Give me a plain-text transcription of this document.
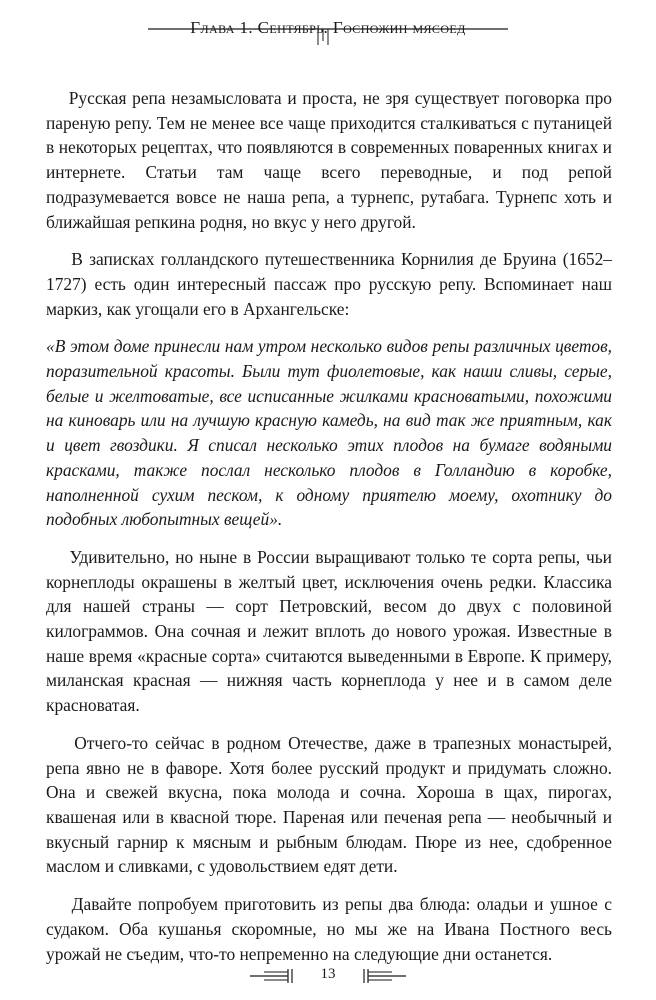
Глава 1. Сентябрь. Госпожин мясоед

Русская репа незамысловата и проста, не зря существует поговорка про пареную репу. Тем не менее все чаще приходится сталкиваться с путаницей в некоторых рецептах, что появляются в современных поваренных книгах и интернете. Статьи там чаще всего переводные, и под репой подразумевается вовсе не наша репа, а турнепс, рутабага. Турнепс хоть и ближайшая репкина родня, но вкус у него другой.

В записках голландского путешественника Корнилия де Бруина (1652–1727) есть один интересный пассаж про русскую репу. Вспоминает наш маркиз, как угощали его в Архангельске:

«В этом доме принесли нам утром несколько видов репы различных цветов, поразительной красоты. Были тут фиолетовые, как наши сливы, серые, белые и желтоватые, все исписанные жилками красноватыми, похожими на киноварь или на лучшую красную камедь, на вид так же приятным, как и цвет гвоздики. Я списал несколько этих плодов на бумаге водяными красками, также послал несколько плодов в Голландию в коробке, наполненной сухим песком, к одному приятелю моему, охотнику до подобных любопытных вещей».

Удивительно, но ныне в России выращивают только те сорта репы, чьи корнеплоды окрашены в желтый цвет, исключения очень редки. Классика для нашей страны — сорт Петровский, весом до двух с половиной килограммов. Она сочная и лежит вплоть до нового урожая. Известные в наше время «красные сорта» считаются выведенными в Европе. К примеру, миланская красная — нижняя часть корнеплода у нее и в самом деле красноватая.

Отчего-то сейчас в родном Отечестве, даже в трапезных монастырей, репа явно не в фаворе. Хотя более русский продукт и придумать сложно. Она и свежей вкусна, пока молода и сочна. Хороша в щах, пирогах, квашеная или в квасной тюре. Пареная или печеная репа — необычный и вкусный гарнир к мясным и рыбным блюдам. Пюре из нее, сдобренное маслом и сливками, с удовольствием едят дети.

Давайте попробуем приготовить из репы два блюда: оладьи и ушное с судаком. Оба кушанья скоромные, но мы же на Ивана Постного весь урожай не съедим, что-то непременно на следующие дни останется.

13
